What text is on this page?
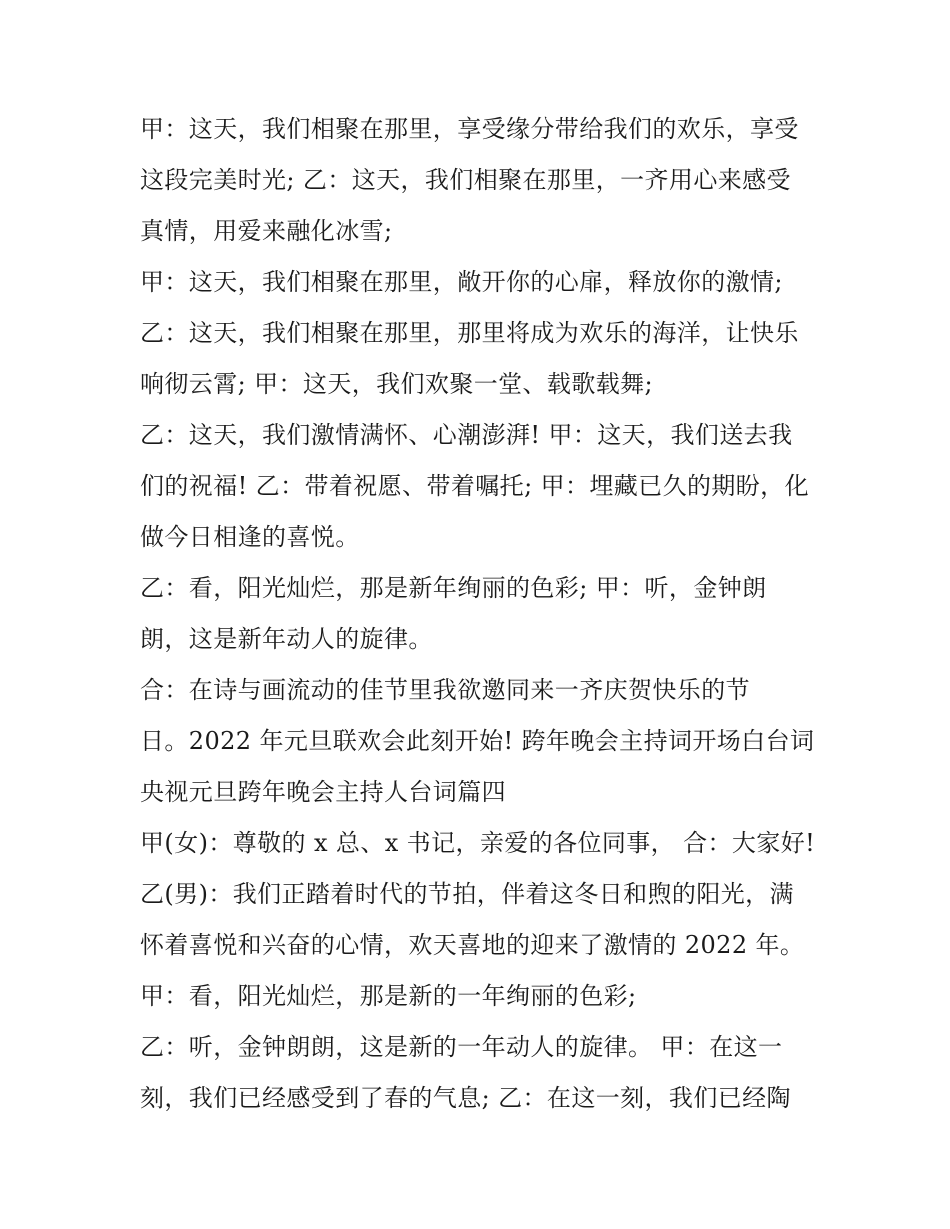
甲：这天，我们相聚在那里，享受缘分带给我们的欢乐，享受
这段完美时光; 乙：这天，我们相聚在那里，一齐用心来感受
真情，用爱来融化冰雪;
甲：这天，我们相聚在那里，敞开你的心扉，释放你的激情;
乙：这天，我们相聚在那里，那里将成为欢乐的海洋，让快乐
响彻云霄; 甲：这天，我们欢聚一堂、载歌载舞;
乙：这天，我们激情满怀、心潮澎湃! 甲：这天，我们送去我
们的祝福! 乙：带着祝愿、带着嘱托; 甲：埋藏已久的期盼，化
做今日相逢的喜悦。
乙：看，阳光灿烂，那是新年绚丽的色彩; 甲：听，金钟朗
朗，这是新年动人的旋律。
合：在诗与画流动的佳节里我欲邀同来一齐庆贺快乐的节
日。2022 年元旦联欢会此刻开始! 跨年晚会主持词开场白台词
央视元旦跨年晚会主持人台词篇四
甲(女)：尊敬的 x 总、x 书记，亲爱的各位同事， 合：大家好!
乙(男)：我们正踏着时代的节拍，伴着这冬日和煦的阳光，满
怀着喜悦和兴奋的心情，欢天喜地的迎来了激情的 2022 年。
甲：看，阳光灿烂，那是新的一年绚丽的色彩;
乙：听，金钟朗朗，这是新的一年动人的旋律。 甲：在这一
刻，我们已经感受到了春的气息; 乙：在这一刻，我们已经陶
